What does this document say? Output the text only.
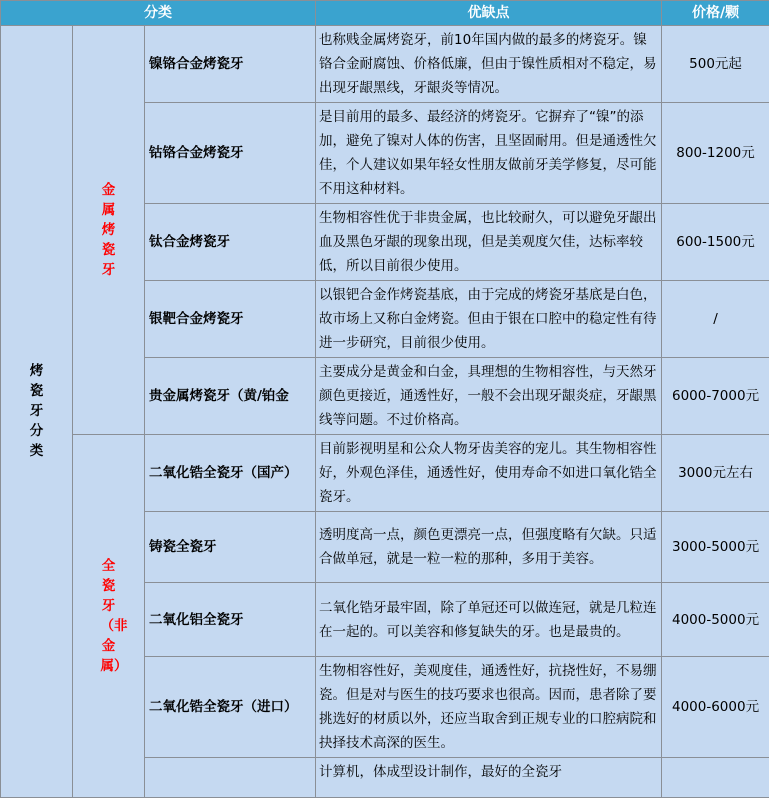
分类			优缺点	价格/颗
烤瓷牙分类	金属烤瓷牙	镍铬合金烤瓷牙	也称贱金属烤瓷牙，前10年国内做的最多的烤瓷牙。镍铬合金耐腐蚀、价格低廉，但由于镍性质相对不稳定，易出现牙龈黑线，牙龈炎等情况。	500元起
		钴铬合金烤瓷牙	是目前用的最多、最经济的烤瓷牙。它摒弃了“镍”的添加，避免了镍对人体的伤害，且坚固耐用。但是通透性欠佳，个人建议如果年轻女性朋友做前牙美学修复，尽可能不用这种材料。	800-1200元
		钛合金烤瓷牙	生物相容性优于非贵金属，也比较耐久，可以避免牙龈出血及黑色牙龈的现象出现，但是美观度欠佳，达标率较低，所以目前很少使用。	600-1500元
		银靶合金烤瓷牙	以银钯合金作烤瓷基底，由于完成的烤瓷牙基底是白色，故市场上又称白金烤瓷。但由于银在口腔中的稳定性有待进一步研究，目前很少使用。	/
		贵金属烤瓷牙（黄/铂金	主要成分是黄金和白金，具理想的生物相容性，与天然牙颜色更接近，通透性好，一般不会出现牙龈炎症，牙龈黑线等问题。不过价格高。	6000-7000元
	全瓷牙（非金属）	二氧化锆全瓷牙（国产）	目前影视明星和公众人物牙齿美容的宠儿。其生物相容性好，外观色泽佳，通透性好，使用寿命不如进口氧化锆全瓷牙。	3000元左右
		铸瓷全瓷牙	透明度高一点，颜色更漂亮一点，但强度略有欠缺。只适合做单冠，就是一粒一粒的那种，多用于美容。	3000-5000元
		二氧化铝全瓷牙	二氧化锆牙最牢固，除了单冠还可以做连冠，就是几粒连在一起的。可以美容和修复缺失的牙。也是最贵的。	4000-5000元
		二氧化锆全瓷牙（进口）	生物相容性好，美观度佳，通透性好，抗挠性好，不易绷瓷。但是对与医生的技巧要求也很高。因而，患者除了要挑选好的材质以外，还应当取舍到正规专业的口腔病院和抉择技术高深的医生。	4000-6000元
			计算机，体成型设计制作，最好的全瓷牙	
